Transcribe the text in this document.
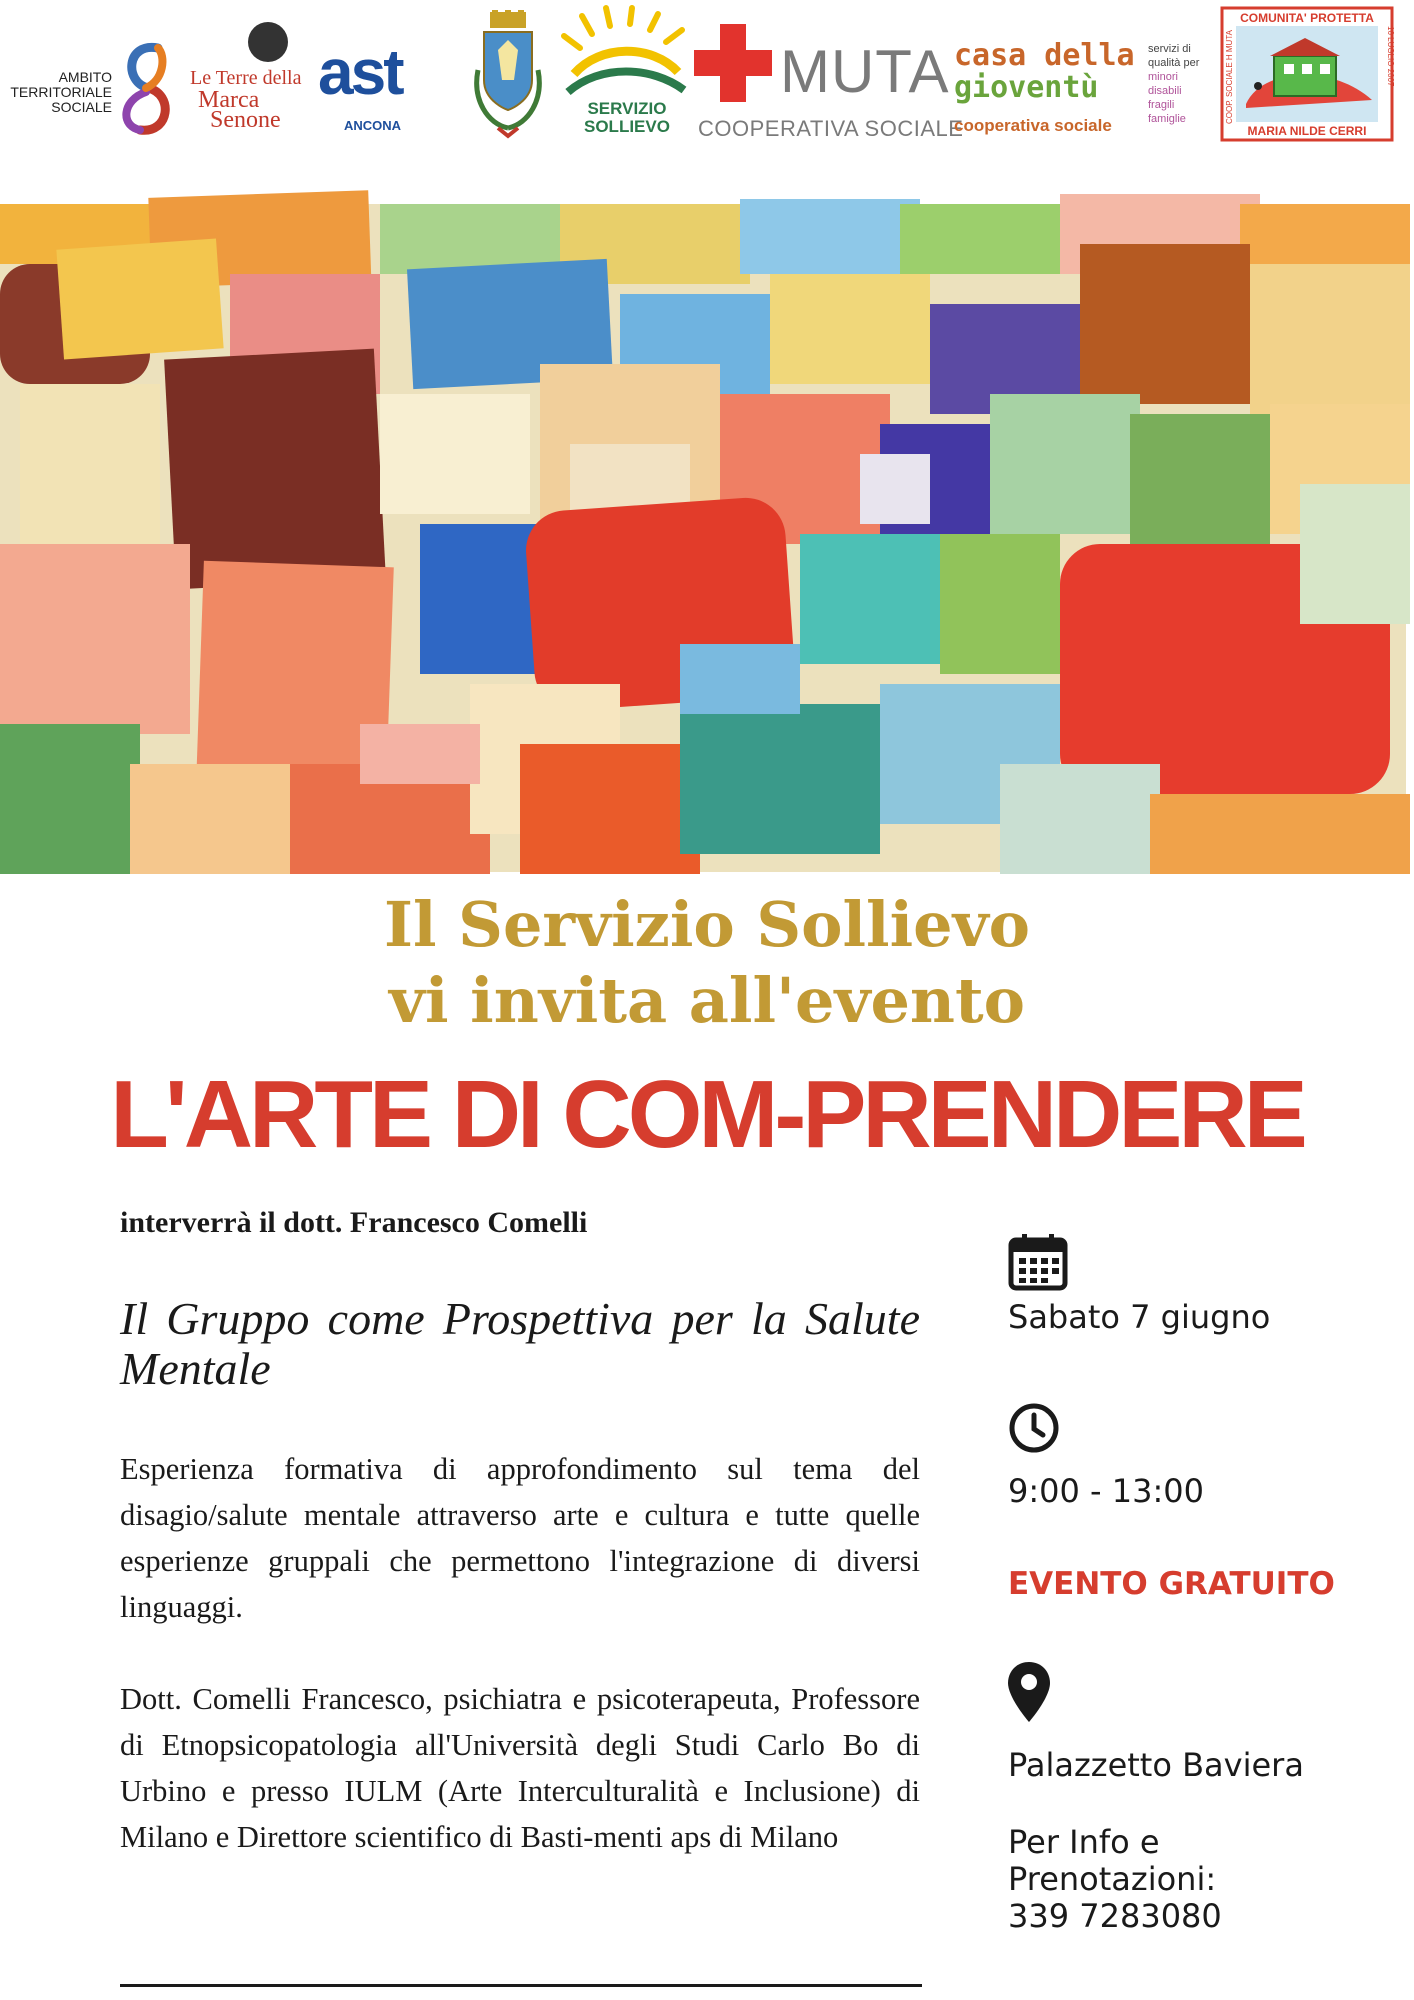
AMBITO
TERRITORIALE
SOCIALE
Le Terre della
Marca
Senone
ast
ANCONA
SERVIZIO
SOLLIEVO
MUTA
COOPERATIVA SOCIALE
casa della
gioventù
cooperativa sociale
servizi di
qualità per
minori
disabili
fragili
famiglie
COMUNITA' PROTETTA
MARIA NILDE CERRI
COOP. SOCIALE H MUTA	16 LUGLIO 2007
Il Servizio Sollievo
vi invita all'evento
L'ARTE DI COM-PRENDERE
interverrà il dott. Francesco Comelli
Il Gruppo come Prospettiva per la Salute Mentale
Esperienza formativa di approfondimento sul tema del disagio/salute mentale attraverso arte e cultura e tutte quelle esperienze gruppali che permettono l'integrazione di diversi linguaggi.
Dott. Comelli Francesco, psichiatra e psicoterapeuta, Professore di Etnopsicopatologia all'Università degli Studi Carlo Bo di Urbino e presso IULM (Arte Interculturalità e Inclusione) di Milano e Direttore scientifico di Basti-menti aps di Milano
Sabato 7 giugno
9:00 - 13:00
EVENTO GRATUITO
Palazzetto Baviera
Per Info e
Prenotazioni:
339 7283080
